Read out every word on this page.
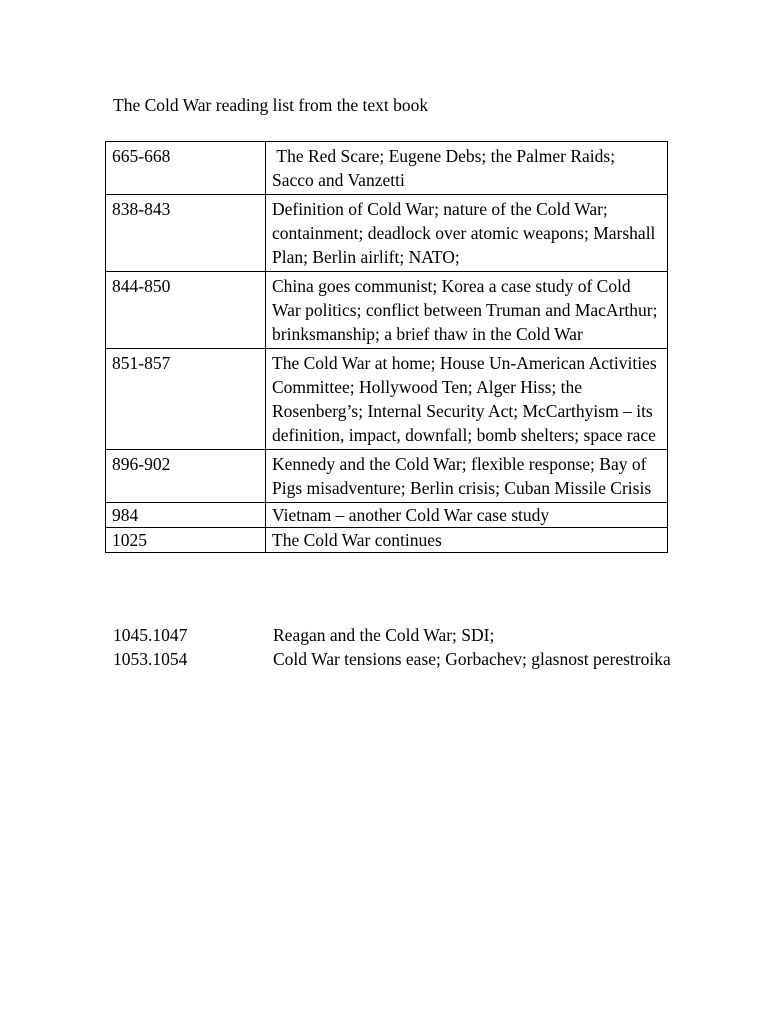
The Cold War reading list from the text book
665-668	The Red Scare; Eugene Debs; the Palmer Raids; Sacco and Vanzetti
838-843	Definition of Cold War; nature of the Cold War; containment; deadlock over atomic weapons; Marshall Plan; Berlin airlift; NATO;
844-850	China goes communist; Korea a case study of Cold War politics; conflict between Truman and MacArthur; brinksmanship; a brief thaw in the Cold War
851-857	The Cold War at home; House Un-American Activities Committee; Hollywood Ten; Alger Hiss; the Rosenberg’s; Internal Security Act; McCarthyism – its definition, impact, downfall; bomb shelters; space race
896-902	Kennedy and the Cold War; flexible response; Bay of Pigs misadventure; Berlin crisis; Cuban Missile Crisis
984	Vietnam – another Cold War case study
1025	The Cold War continues
1045.1047	Reagan and the Cold War; SDI;
1053.1054	Cold War tensions ease; Gorbachev; glasnost perestroika
